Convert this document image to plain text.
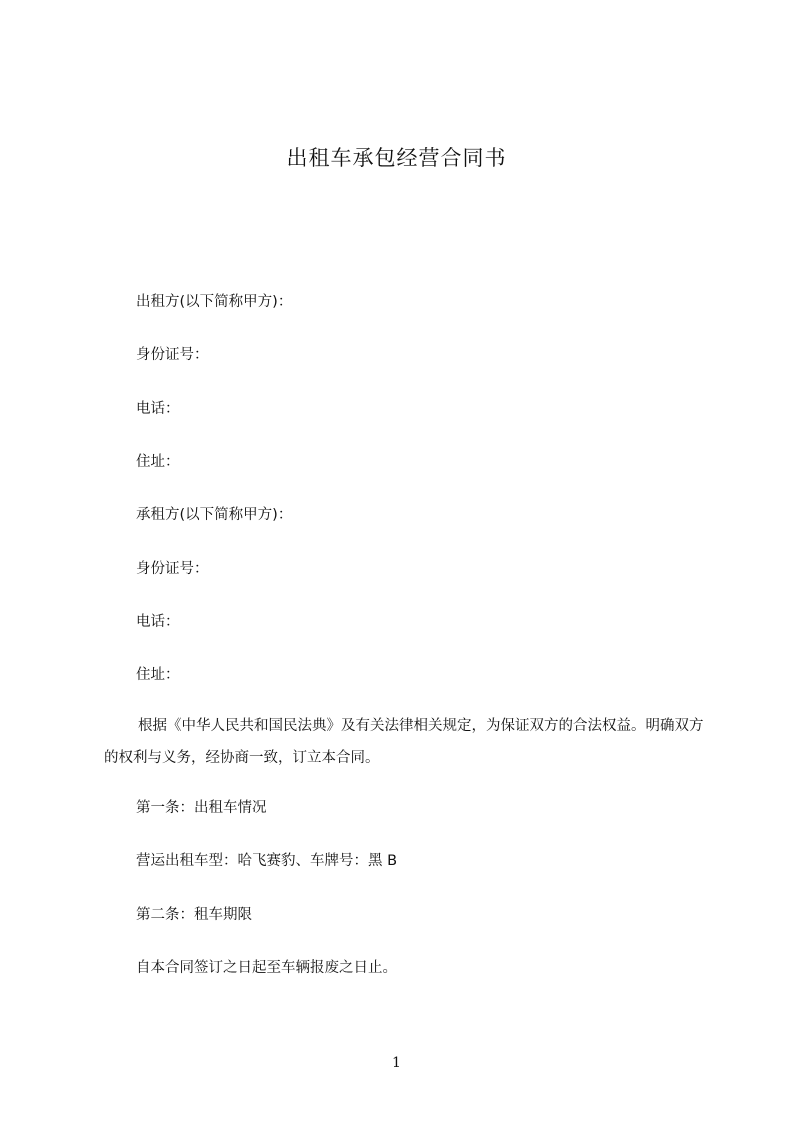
出租车承包经营合同书
出租方(以下简称甲方)：
身份证号：
电话：
住址：
承租方(以下简称甲方)：
身份证号：
电话：
住址：

根据《中华人民共和国民法典》及有关法律相关规定，为保证双方的合法权益。明确双方的权利与义务，经协商一致，订立本合同。

第一条：出租车情况
营运出租车型：哈飞赛豹、车牌号：黑 B
第二条：租车期限
自本合同签订之日起至车辆报废之日止。
1
